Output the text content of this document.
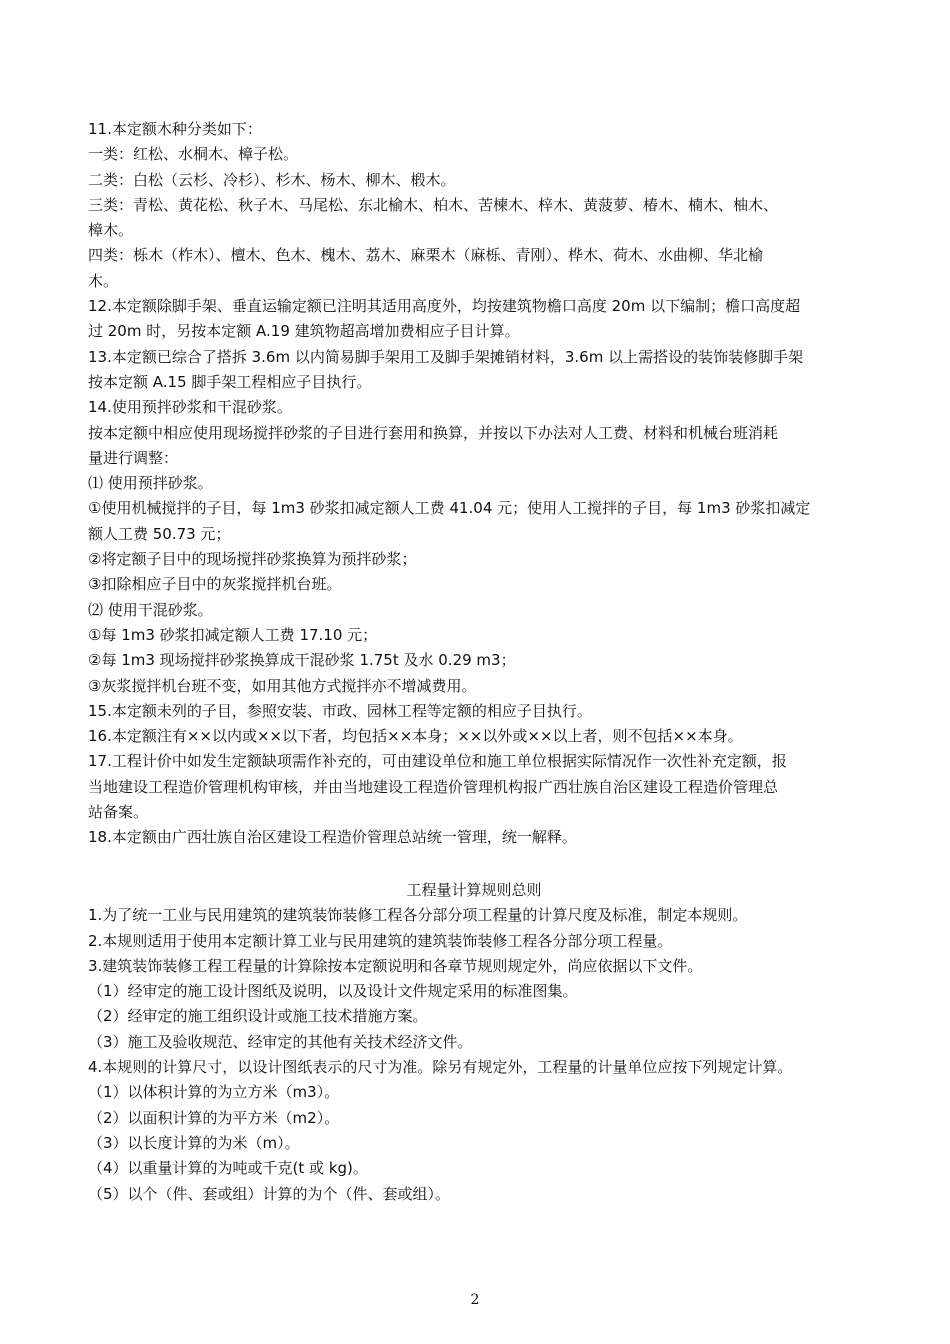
11.本定额木种分类如下：
一类：红松、水桐木、樟子松。
二类：白松（云杉、冷杉）、杉木、杨木、柳木、椴木。
三类：青松、黄花松、秋子木、马尾松、东北榆木、柏木、苦楝木、梓木、黄菠萝、椿木、楠木、柚木、
樟木。
四类：栎木（柞木）、檀木、色木、槐木、荔木、麻栗木（麻栎、青刚）、桦木、荷木、水曲柳、华北榆
木。
12.本定额除脚手架、垂直运输定额已注明其适用高度外，均按建筑物檐口高度 20m 以下编制；檐口高度超
过 20m 时，另按本定额 A.19 建筑物超高增加费相应子目计算。
13.本定额已综合了搭拆 3.6m 以内简易脚手架用工及脚手架摊销材料，3.6m 以上需搭设的装饰装修脚手架
按本定额 A.15 脚手架工程相应子目执行。
14.使用预拌砂浆和干混砂浆。
按本定额中相应使用现场搅拌砂浆的子目进行套用和换算，并按以下办法对人工费、材料和机械台班消耗
量进行调整：
⑴ 使用预拌砂浆。
①使用机械搅拌的子目，每 1m3 砂浆扣减定额人工费 41.04 元；使用人工搅拌的子目，每 1m3 砂浆扣减定
额人工费 50.73 元；
②将定额子目中的现场搅拌砂浆换算为预拌砂浆；
③扣除相应子目中的灰浆搅拌机台班。
⑵ 使用干混砂浆。
①每 1m3 砂浆扣减定额人工费 17.10 元；
②每 1m3 现场搅拌砂浆换算成干混砂浆 1.75t 及水 0.29 m3；
③灰浆搅拌机台班不变，如用其他方式搅拌亦不增减费用。
15.本定额未列的子目，参照安装、市政、园林工程等定额的相应子目执行。
16.本定额注有××以内或××以下者，均包括××本身；××以外或××以上者，则不包括××本身。
17.工程计价中如发生定额缺项需作补充的，可由建设单位和施工单位根据实际情况作一次性补充定额，报
当地建设工程造价管理机构审核，并由当地建设工程造价管理机构报广西壮族自治区建设工程造价管理总
站备案。
18.本定额由广西壮族自治区建设工程造价管理总站统一管理，统一解释。
工程量计算规则总则
1.为了统一工业与民用建筑的建筑装饰装修工程各分部分项工程量的计算尺度及标准，制定本规则。
2.本规则适用于使用本定额计算工业与民用建筑的建筑装饰装修工程各分部分项工程量。
3.建筑装饰装修工程工程量的计算除按本定额说明和各章节规则规定外，尚应依据以下文件。
（1）经审定的施工设计图纸及说明，以及设计文件规定采用的标准图集。
（2）经审定的施工组织设计或施工技术措施方案。
（3）施工及验收规范、经审定的其他有关技术经济文件。
4.本规则的计算尺寸，以设计图纸表示的尺寸为准。除另有规定外，工程量的计量单位应按下列规定计算。
（1）以体积计算的为立方米（m3）。
（2）以面积计算的为平方米（m2）。
（3）以长度计算的为米（m）。
（4）以重量计算的为吨或千克(t 或 kg)。
（5）以个（件、套或组）计算的为个（件、套或组）。
2
